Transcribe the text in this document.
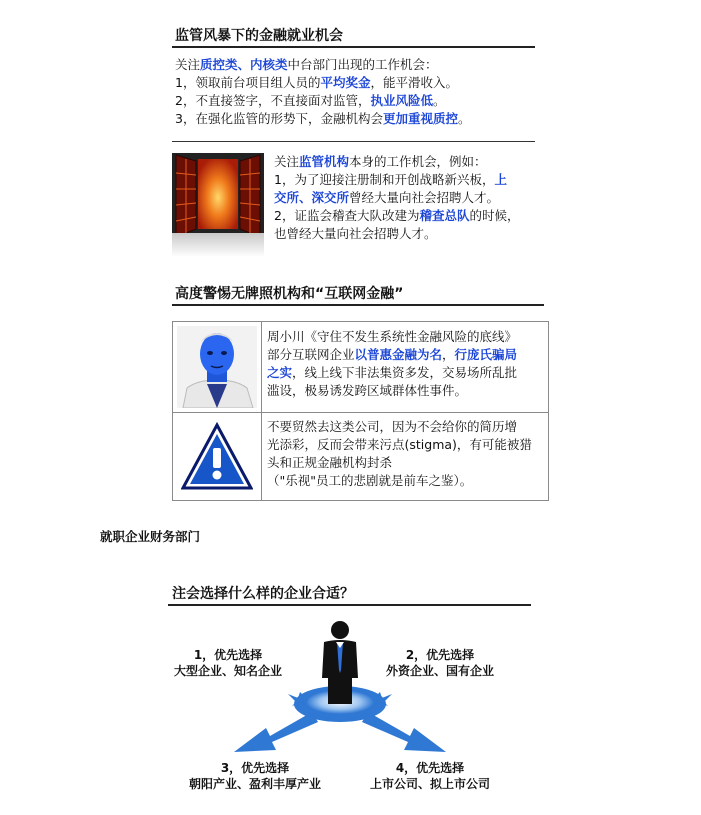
监管风暴下的金融就业机会
关注质控类、内核类中台部门出现的工作机会：
1，领取前台项目组人员的平均奖金，能平滑收入。
2，不直接签字，不直接面对监管，执业风险低。
3，在强化监管的形势下，金融机构会更加重视质控。
关注监管机构本身的工作机会，例如：
1，为了迎接注册制和开创战略新兴板，上
交所、深交所曾经大量向社会招聘人才。
2，证监会稽查大队改建为稽查总队的时候，
也曾经大量向社会招聘人才。
高度警惕无牌照机构和“互联网金融”
周小川《守住不发生系统性金融风险的底线》
部分互联网企业以普惠金融为名，行庞氏骗局
之实，线上线下非法集资多发，交易场所乱批
滥设，极易诱发跨区域群体性事件。
不要贸然去这类公司，因为不会给你的简历增
光添彩，反而会带来污点(stigma)，有可能被猎
头和正规金融机构封杀
（"乐视"员工的悲剧就是前车之鉴）。
就职企业财务部门
注会选择什么样的企业合适？
1，优先选择
大型企业、知名企业
2，优先选择
外资企业、国有企业
3，优先选择
朝阳产业、盈利丰厚产业
4，优先选择
上市公司、拟上市公司
